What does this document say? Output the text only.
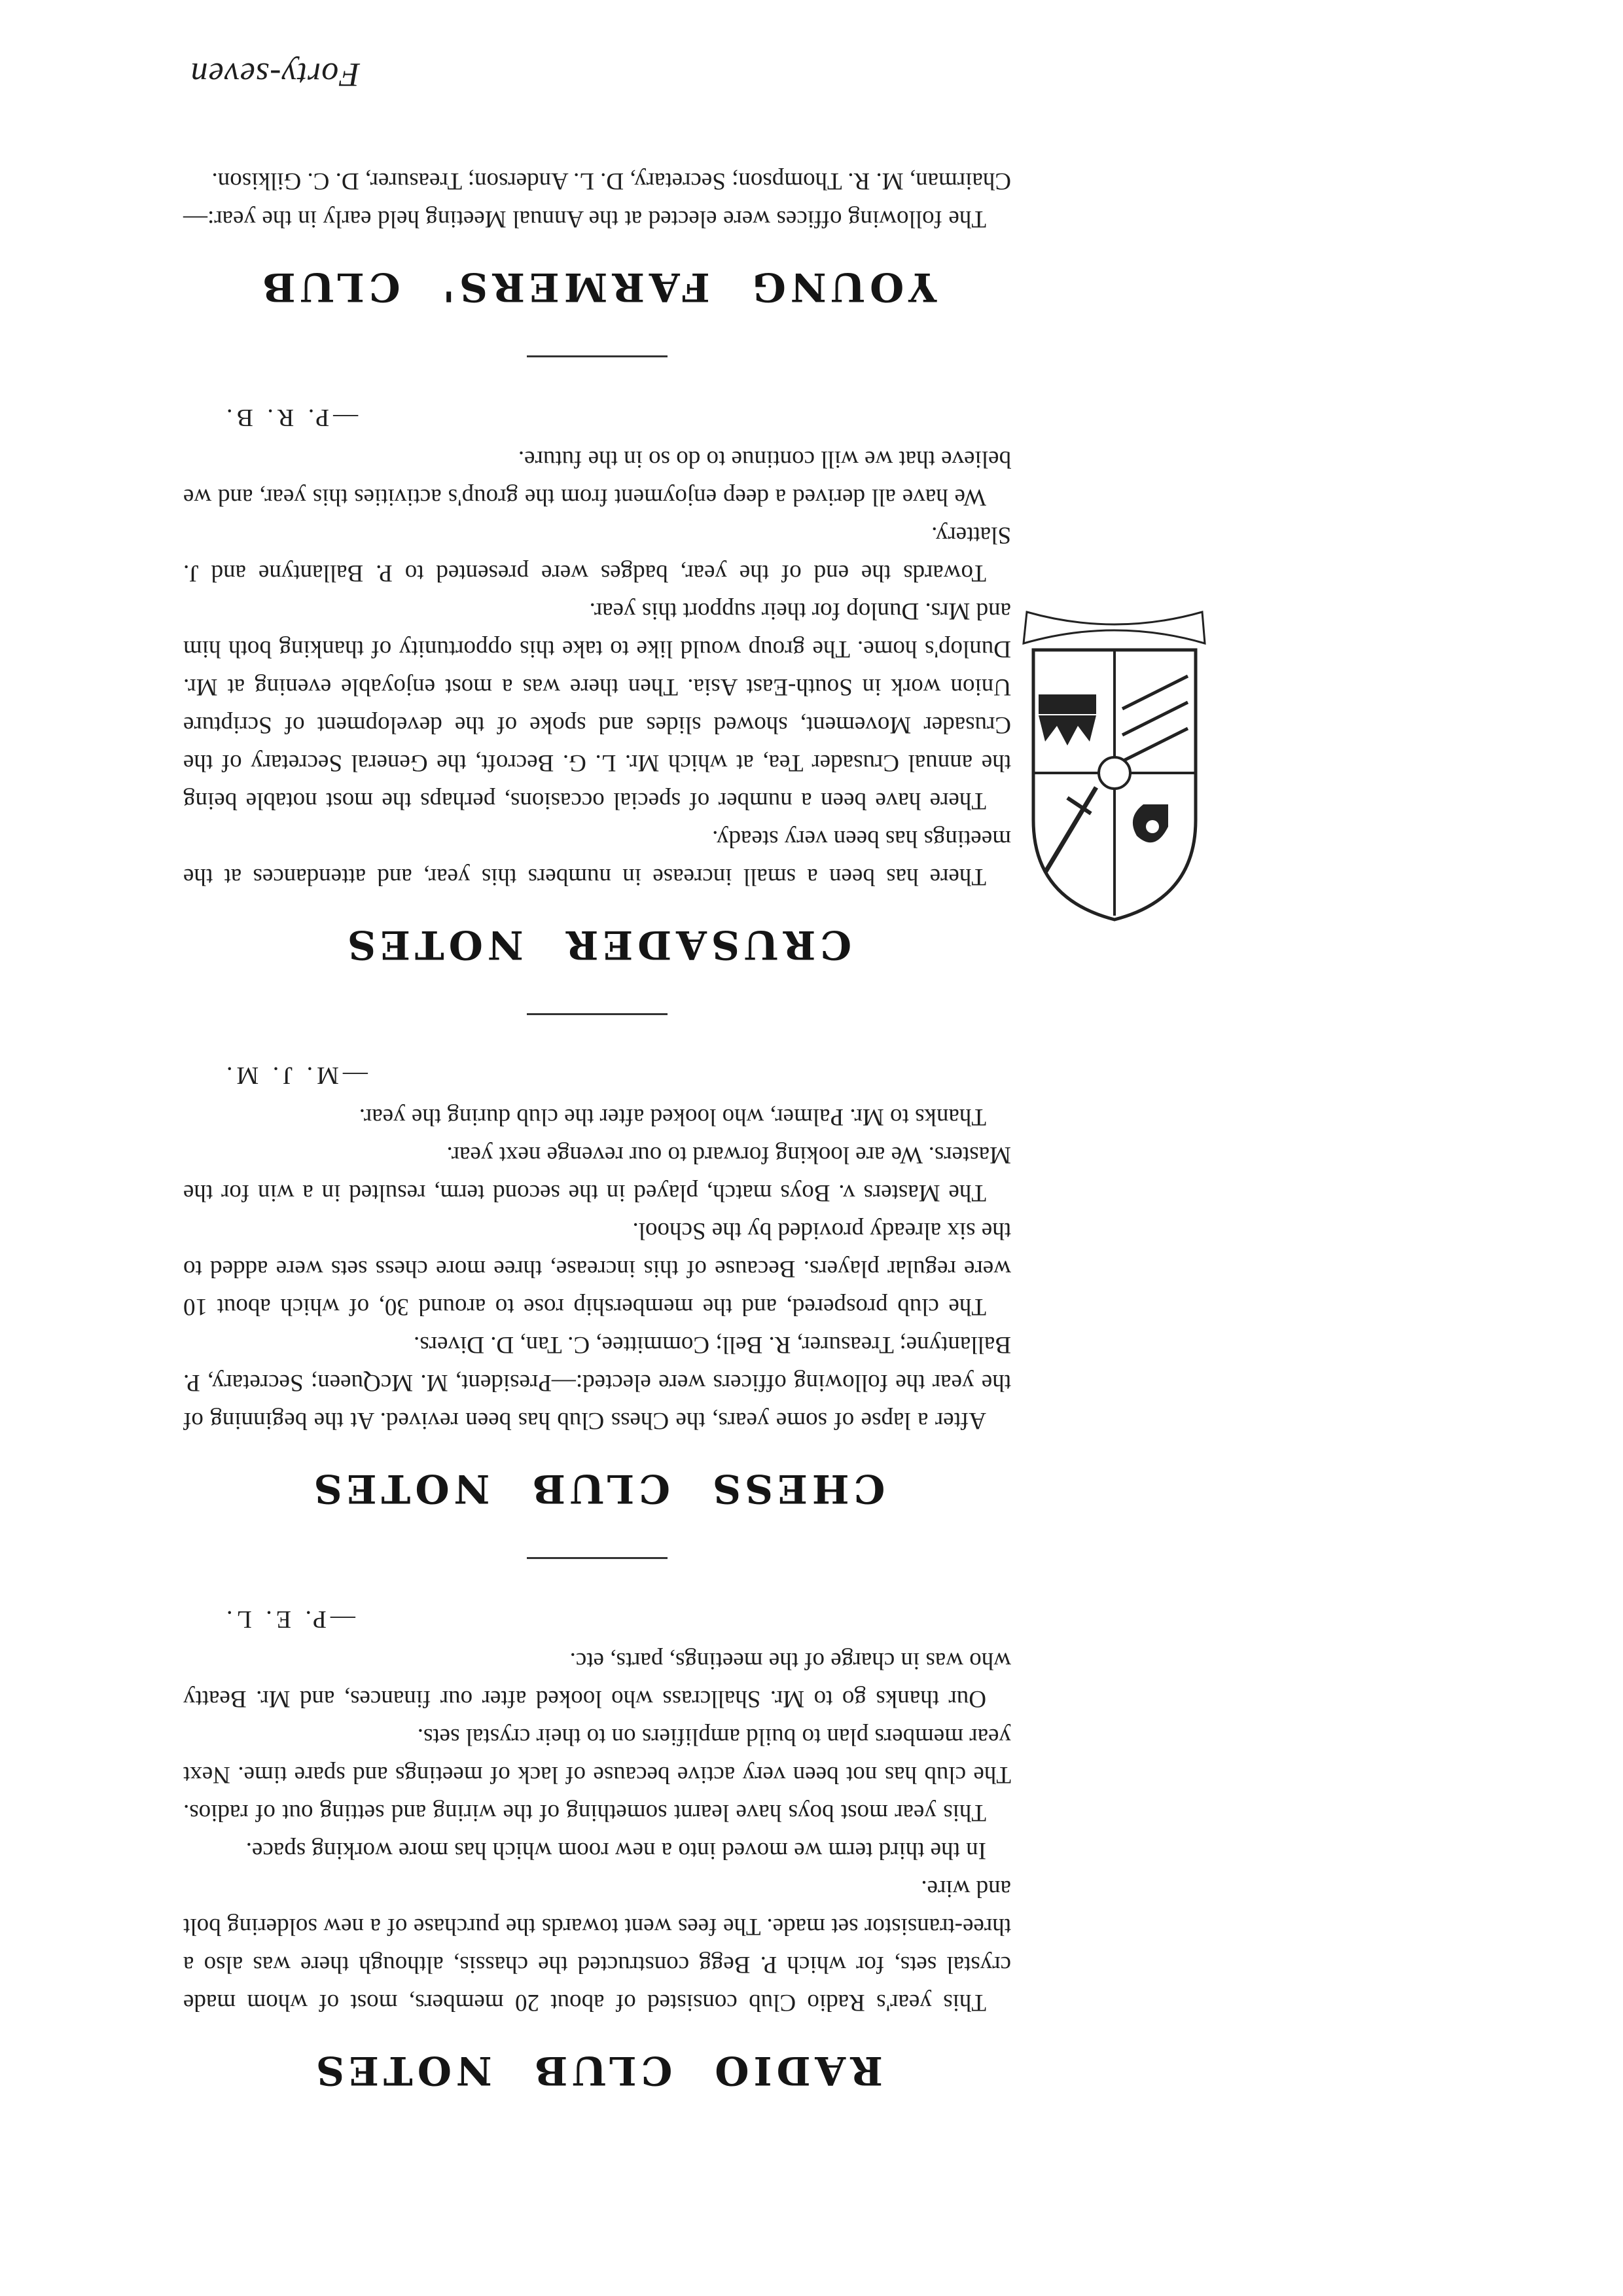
RADIO CLUB NOTES

This year's Radio Club consisted of about 20 members, most of whom made crystal sets, for which P. Begg constructed the chassis, although there was also a three-transistor set made. The fees went towards the purchase of a new soldering bolt and wire.

In the third term we moved into a new room which has more working space.

This year most boys have learnt something of the wiring and setting out of radios. The club has not been very active because of lack of meetings and spare time. Next year members plan to build amplifiers on to their crystal sets.

Our thanks go to Mr. Shallcrass who looked after our finances, and Mr. Beatty who was in charge of the meetings, parts, etc.

—P. E. L.
CHESS CLUB NOTES

After a lapse of some years, the Chess Club has been revived. At the beginning of the year the following officers were elected:—President, M. McQueen; Secretary, P. Ballantyne; Treasurer, R. Bell; Committee, C. Tan, D. Divers.

The club prospered, and the membership rose to around 30, of which about 10 were regular players. Because of this increase, three more chess sets were added to the six already provided by the School.

The Masters v. Boys match, played in the second term, resulted in a win for the Masters. We are looking forward to our revenge next year.

Thanks to Mr. Palmer, who looked after the club during the year.

—M. J. M.
CRUSADER NOTES

There has been a small increase in numbers this year, and attendances at the meetings has been very steady.

There have been a number of special occasions, perhaps the most notable being the annual Crusader Tea, at which Mr. L. G. Becroft, the General Secretary of the Crusader Movement, showed slides and spoke of the development of Scripture Union work in South-East Asia. Then there was a most enjoyable evening at Mr. Dunlop's home. The group would like to take this opportunity of thanking both him and Mrs. Dunlop for their support this year.

Towards the end of the year, badges were presented to P. Ballantyne and J. Slattery.

We have all derived a deep enjoyment from the group's activities this year, and we believe that we will continue to do so in the future.

—P. R. B.
YOUNG FARMERS' CLUB

The following offices were elected at the Annual Meeting held early in the year:—Chairman, M. R. Thompson; Secretary, D. L. Anderson; Treasurer, D. C. Gilkison.

Forty-seven
